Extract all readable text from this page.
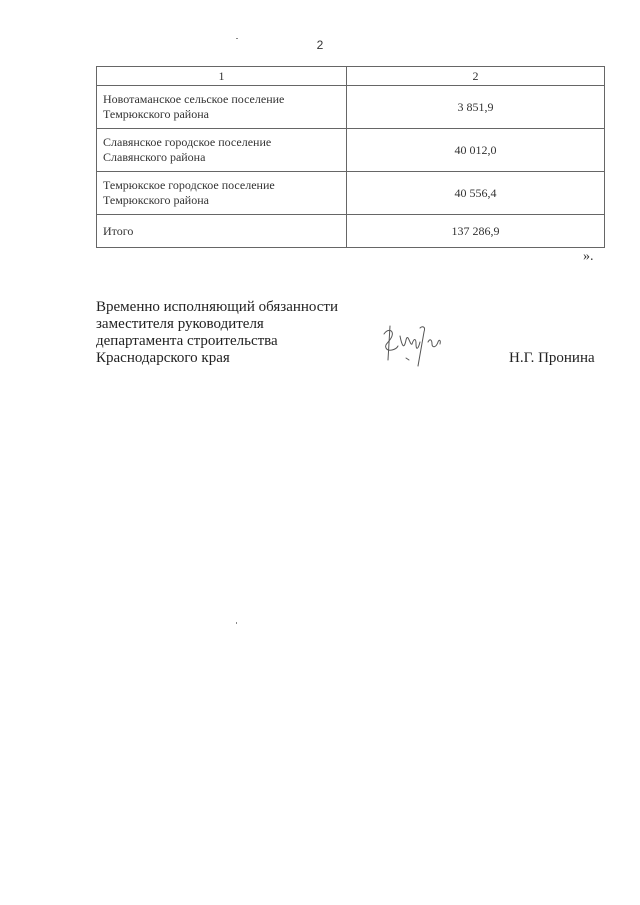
2
1	2

Новотаманское сельское поселение
Темрюкского района	3 851,9

Славянское городское поселение
Славянского района	40 012,0

Темрюкское городское поселение
Темрюкского района	40 556,4
Итого	137 286,9
».
Временно исполняющий обязанности
заместителя руководителя
департамента строительства
Краснодарского края	Н.Г. Пронина
